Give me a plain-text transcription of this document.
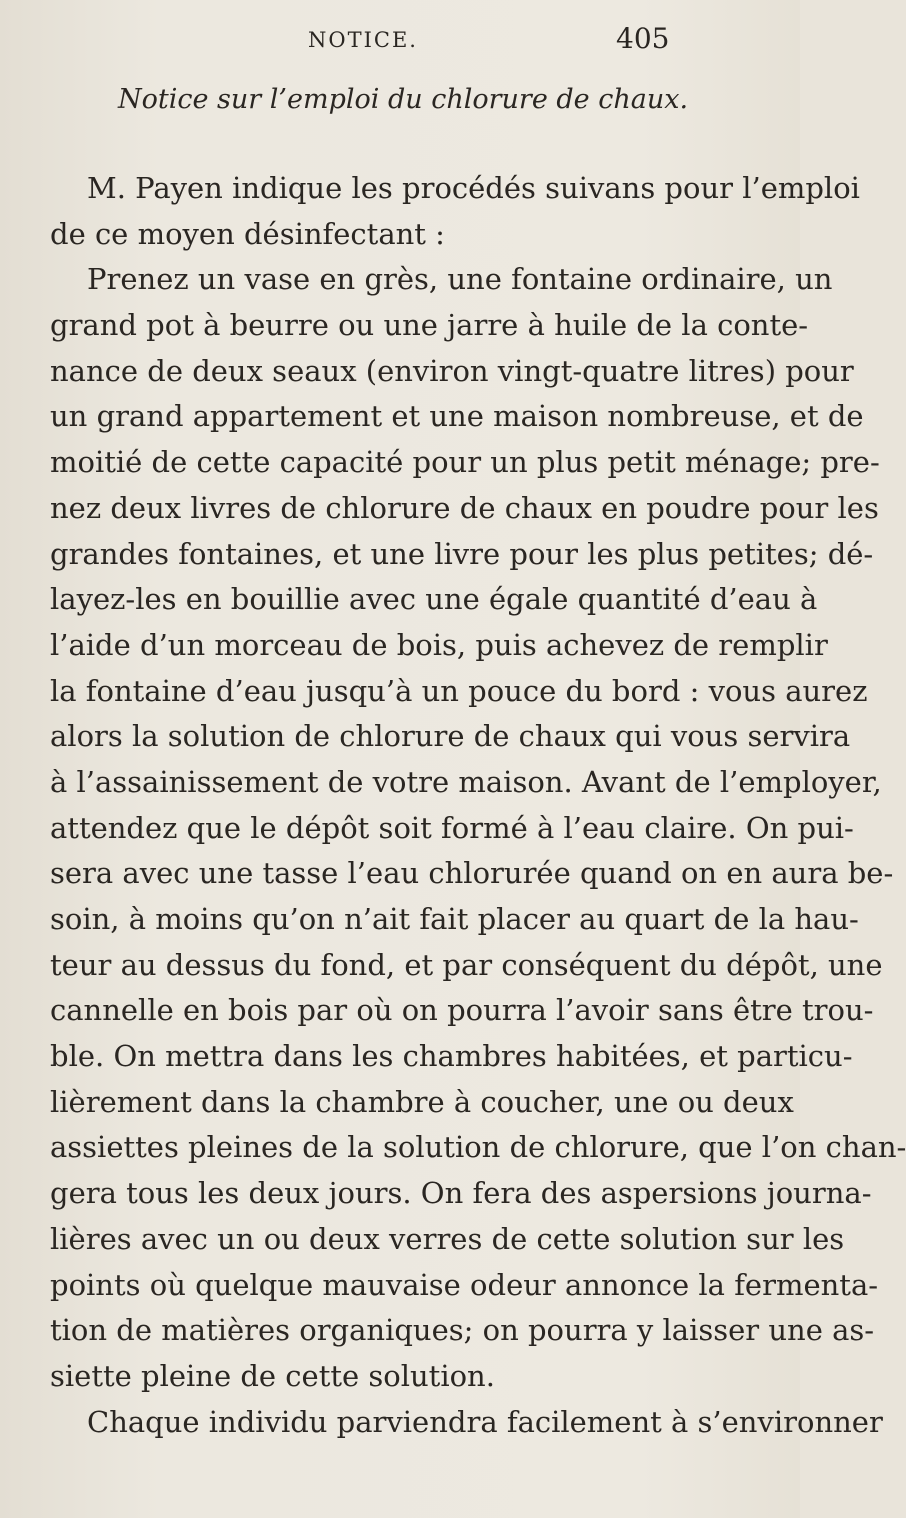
NOTICE.	405
Notice sur l’emploi du chlorure de chaux.
M. Payen indique les procédés suivans pour l’emploi
de ce moyen désinfectant :
Prenez un vase en grès, une fontaine ordinaire, un
grand pot à beurre ou une jarre à huile de la conte-
nance de deux seaux (environ vingt-quatre litres) pour
un grand appartement et une maison nombreuse, et de
moitié de cette capacité pour un plus petit ménage; pre-
nez deux livres de chlorure de chaux en poudre pour les
grandes fontaines, et une livre pour les plus petites; dé-
layez-les en bouillie avec une égale quantité d’eau à
l’aide d’un morceau de bois, puis achevez de remplir
la fontaine d’eau jusqu’à un pouce du bord : vous aurez
alors la solution de chlorure de chaux qui vous servira
à l’assainissement de votre maison. Avant de l’employer,
attendez que le dépôt soit formé à l’eau claire. On pui-
sera avec une tasse l’eau chlorurée quand on en aura be-
soin, à moins qu’on n’ait fait placer au quart de la hau-
teur au dessus du fond, et par conséquent du dépôt, une
cannelle en bois par où on pourra l’avoir sans être trou-
ble. On mettra dans les chambres habitées, et particu-
lièrement dans la chambre à coucher, une ou deux
assiettes pleines de la solution de chlorure, que l’on chan-
gera tous les deux jours. On fera des aspersions journa-
lières avec un ou deux verres de cette solution sur les
points où quelque mauvaise odeur annonce la fermenta-
tion de matières organiques; on pourra y laisser une as-
siette pleine de cette solution.
Chaque individu parviendra facilement à s’environner
